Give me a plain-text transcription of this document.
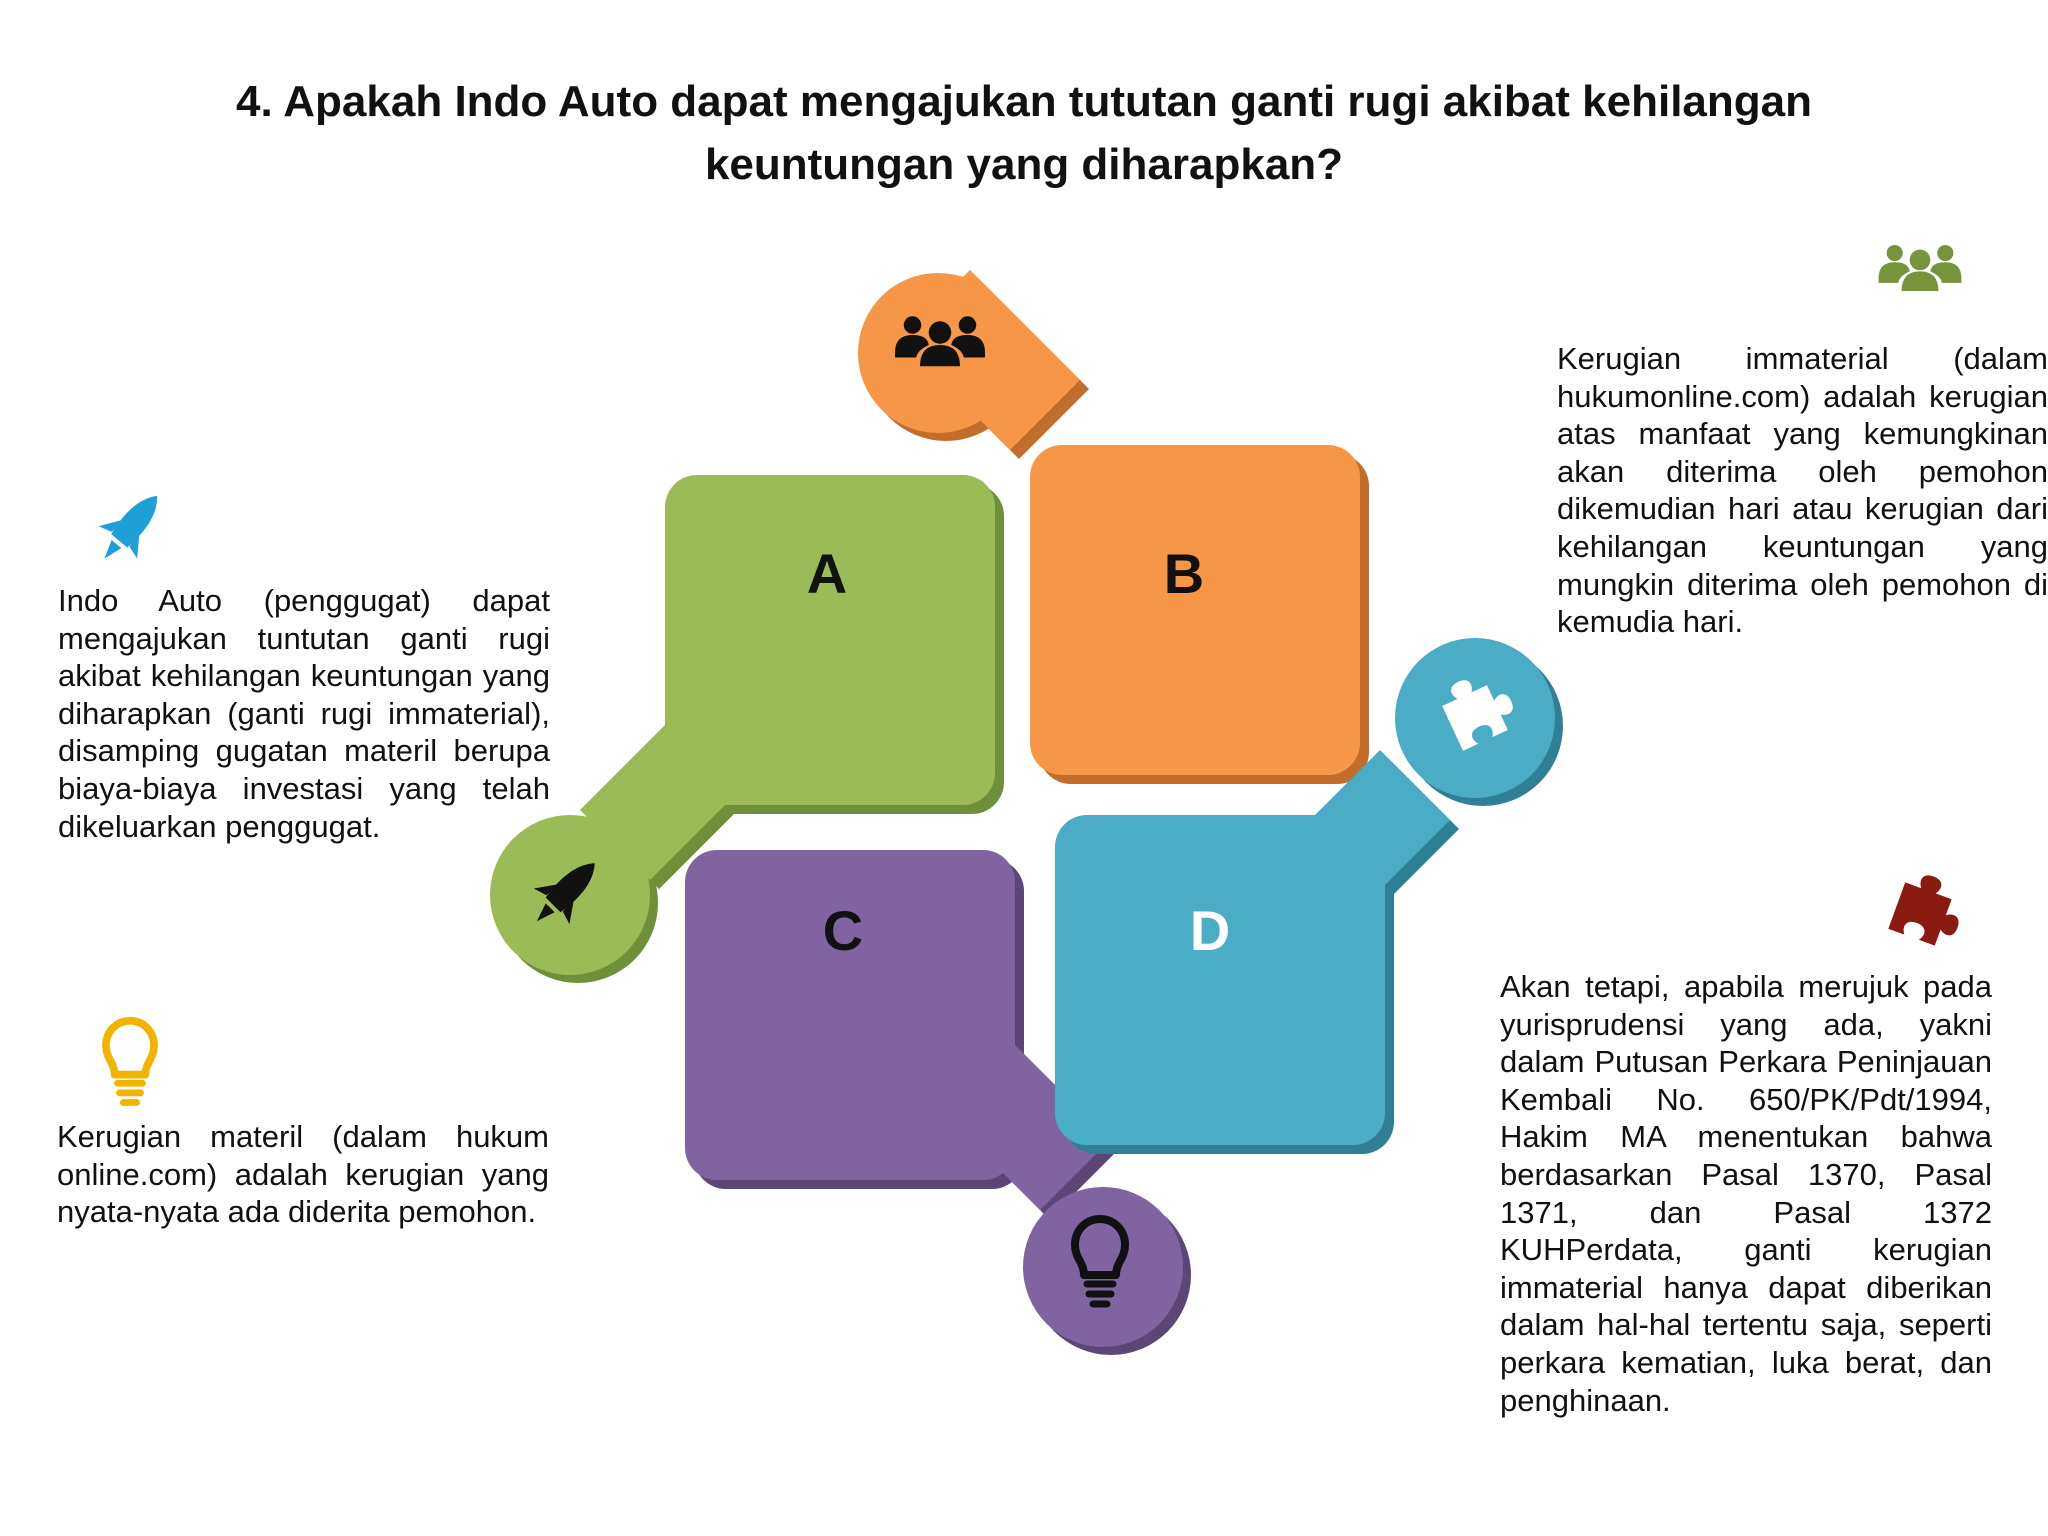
4. Apakah Indo Auto dapat mengajukan tututan ganti rugi akibat kehilangan
keuntungan yang diharapkan?
A	B
C	D
Indo Auto (penggugat) dapat mengajukan tuntutan ganti rugi akibat kehilangan keuntungan yang diharapkan (ganti rugi immaterial), disamping gugatan materil berupa biaya-biaya investasi yang telah dikeluarkan penggugat.
Kerugian immaterial (dalam hukumonline.com) adalah kerugian atas manfaat yang kemungkinan akan diterima oleh pemohon dikemudian hari atau kerugian dari kehilangan keuntungan yang mungkin diterima oleh pemohon di kemudia hari.
Kerugian materil (dalam hukum online.com) adalah kerugian yang nyata-nyata ada diderita pemohon.
Akan tetapi, apabila merujuk pada yurisprudensi yang ada, yakni dalam Putusan Perkara Peninjauan Kembali No. 650/PK/Pdt/1994, Hakim MA menentukan bahwa berdasarkan Pasal 1370, Pasal 1371, dan Pasal 1372 KUHPerdata, ganti kerugian immaterial hanya dapat diberikan dalam hal-hal tertentu saja, seperti perkara kematian, luka berat, dan penghinaan.
